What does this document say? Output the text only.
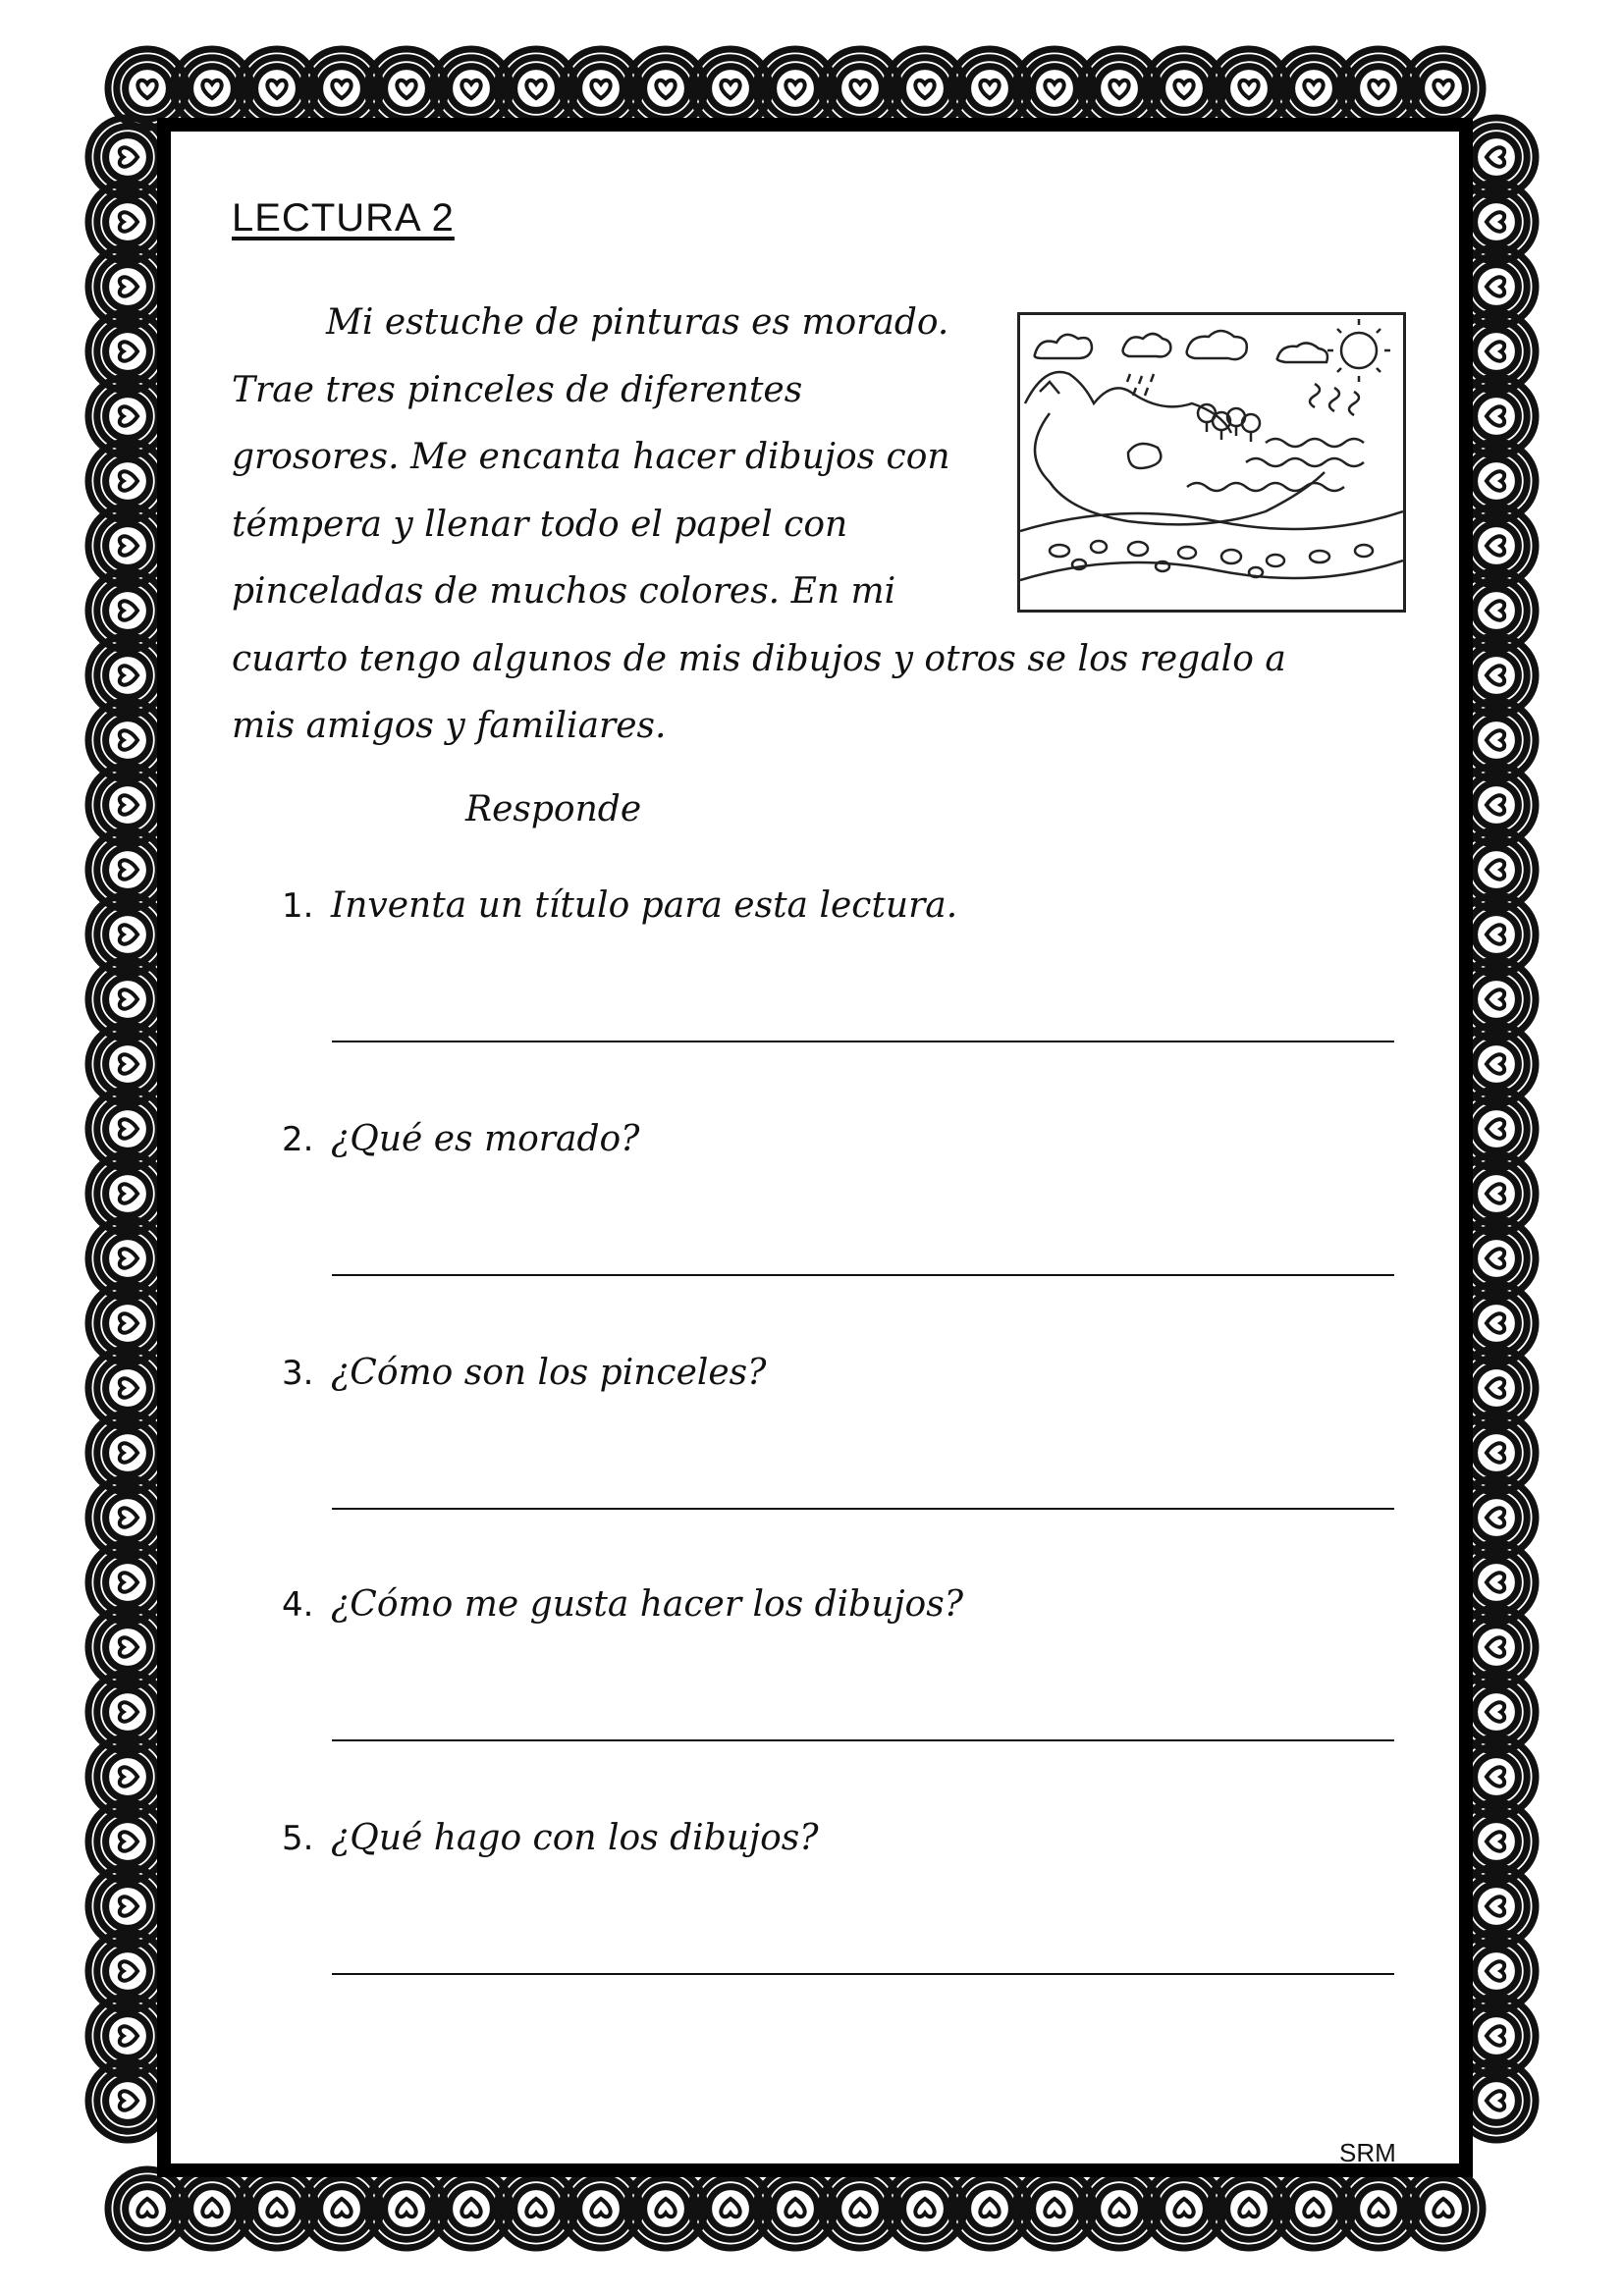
LECTURA 2
Mi estuche de pinturas es morado.
Trae tres pinceles de diferentes
grosores. Me encanta hacer dibujos con
témpera y llenar todo el papel con
pinceladas de muchos colores. En mi
cuarto tengo algunos de mis dibujos y otros se los regalo a
mis amigos y familiares.
Responde
1. Inventa un título para esta lectura.
2. ¿Qué es morado?
3. ¿Cómo son los pinceles?
4. ¿Cómo me gusta hacer los dibujos?
5. ¿Qué hago con los dibujos?
SRM
